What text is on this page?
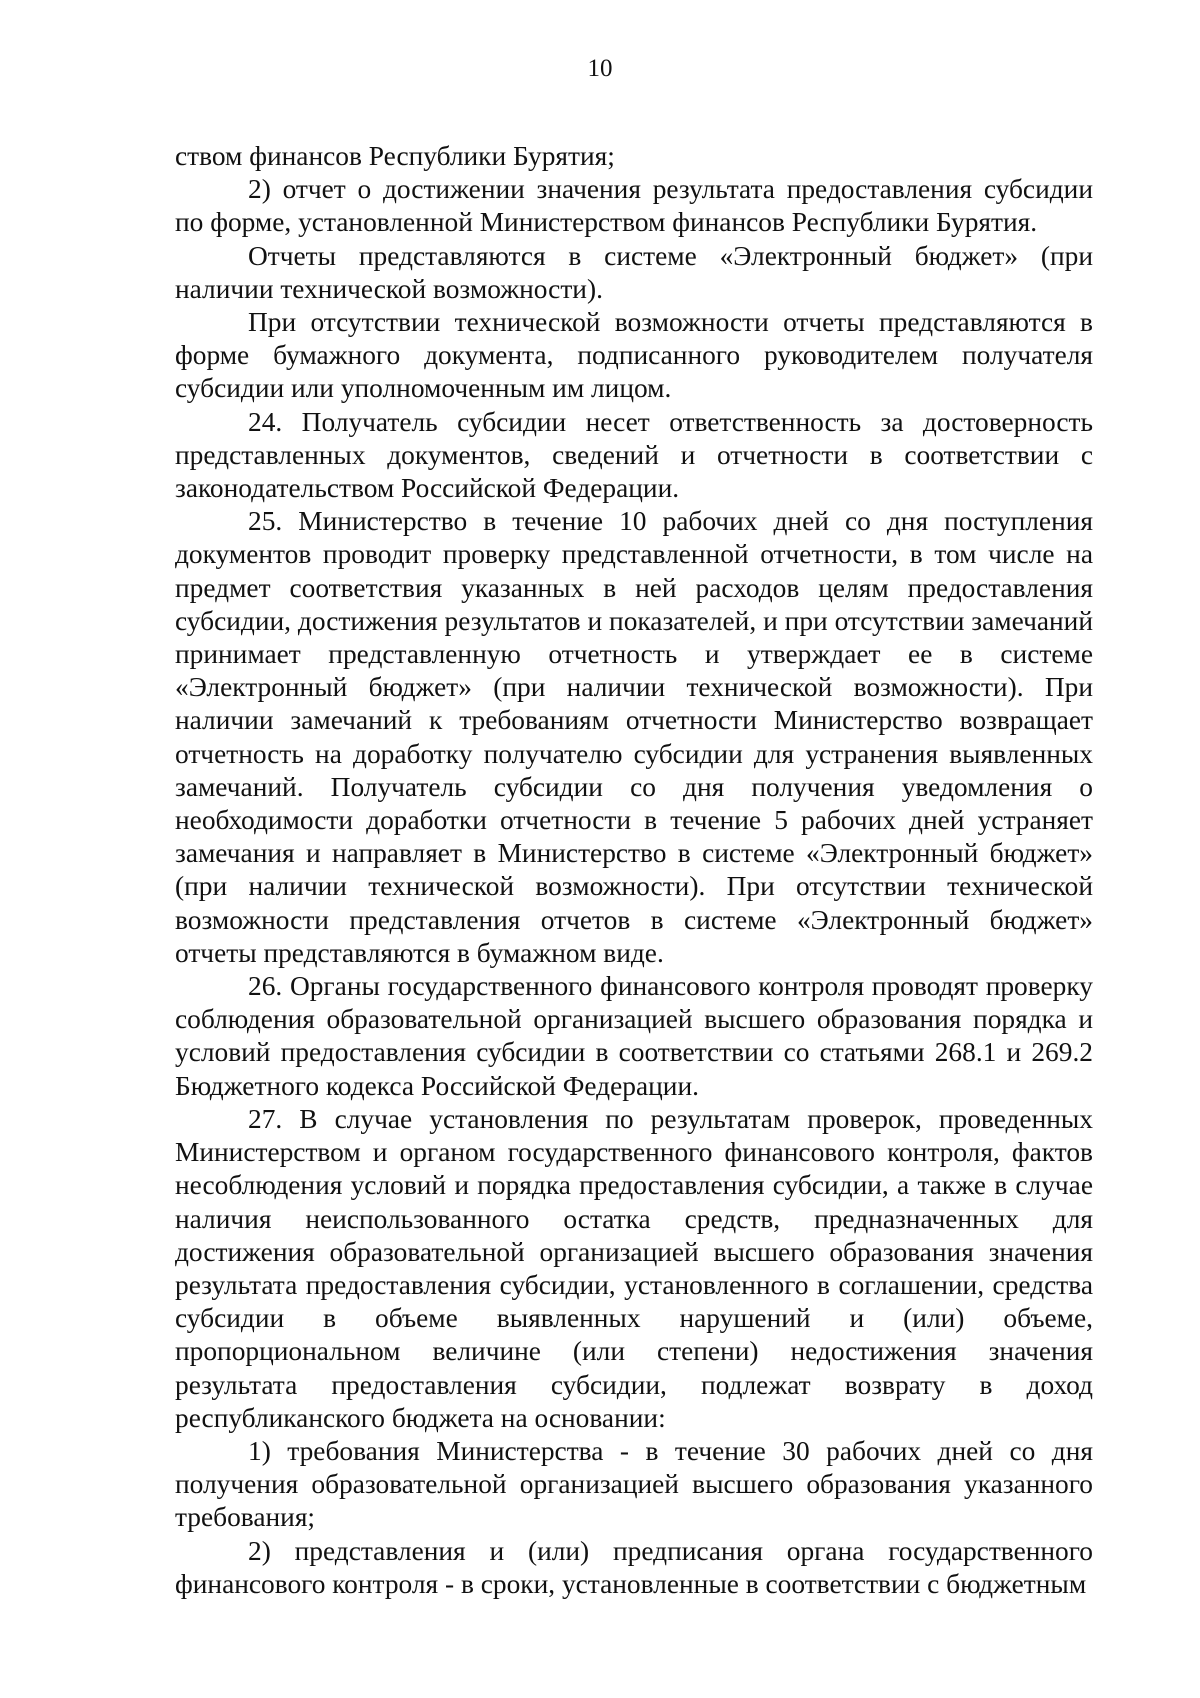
10

ством финансов Республики Бурятия;

2) отчет о достижении значения результата предоставления субсидии по форме, установленной Министерством финансов Республики Бурятия.

Отчеты представляются в системе «Электронный бюджет» (при наличии технической возможности).

При отсутствии технической возможности отчеты представляются в форме бумажного документа, подписанного руководителем получателя субсидии или уполномоченным им лицом.

24. Получатель субсидии несет ответственность за достоверность представленных документов, сведений и отчетности в соответствии с законодательством Российской Федерации.

25. Министерство в течение 10 рабочих дней со дня поступления документов проводит проверку представленной отчетности, в том числе на предмет соответствия указанных в ней расходов целям предоставления субсидии, достижения результатов и показателей, и при отсутствии замечаний принимает представленную отчетность и утверждает ее в системе «Электронный бюджет» (при наличии технической возможности). При наличии замечаний к требованиям отчетности Министерство возвращает отчетность на доработку получателю субсидии для устранения выявленных замечаний. Получатель субсидии со дня получения уведомления о необходимости доработки отчетности в течение 5 рабочих дней устраняет замечания и направляет в Министерство в системе «Электронный бюджет» (при наличии технической возможности). При отсутствии технической возможности представления отчетов в системе «Электронный бюджет» отчеты представляются в бумажном виде.

26. Органы государственного финансового контроля проводят проверку соблюдения образовательной организацией высшего образования порядка и условий предоставления субсидии в соответствии со статьями 268.1 и 269.2 Бюджетного кодекса Российской Федерации.

27. В случае установления по результатам проверок, проведенных Министерством и органом государственного финансового контроля, фактов несоблюдения условий и порядка предоставления субсидии, а также в случае наличия неиспользованного остатка средств, предназначенных для достижения образовательной организацией высшего образования значения результата предоставления субсидии, установленного в соглашении, средства субсидии в объеме выявленных нарушений и (или) объеме, пропорциональном величине (или степени) недостижения значения результата предоставления субсидии, подлежат возврату в доход республиканского бюджета на основании:

1) требования Министерства - в течение 30 рабочих дней со дня получения образовательной организацией высшего образования указанного требования;

2) представления и (или) предписания органа государственного финансового контроля - в сроки, установленные в соответствии с бюджетным
